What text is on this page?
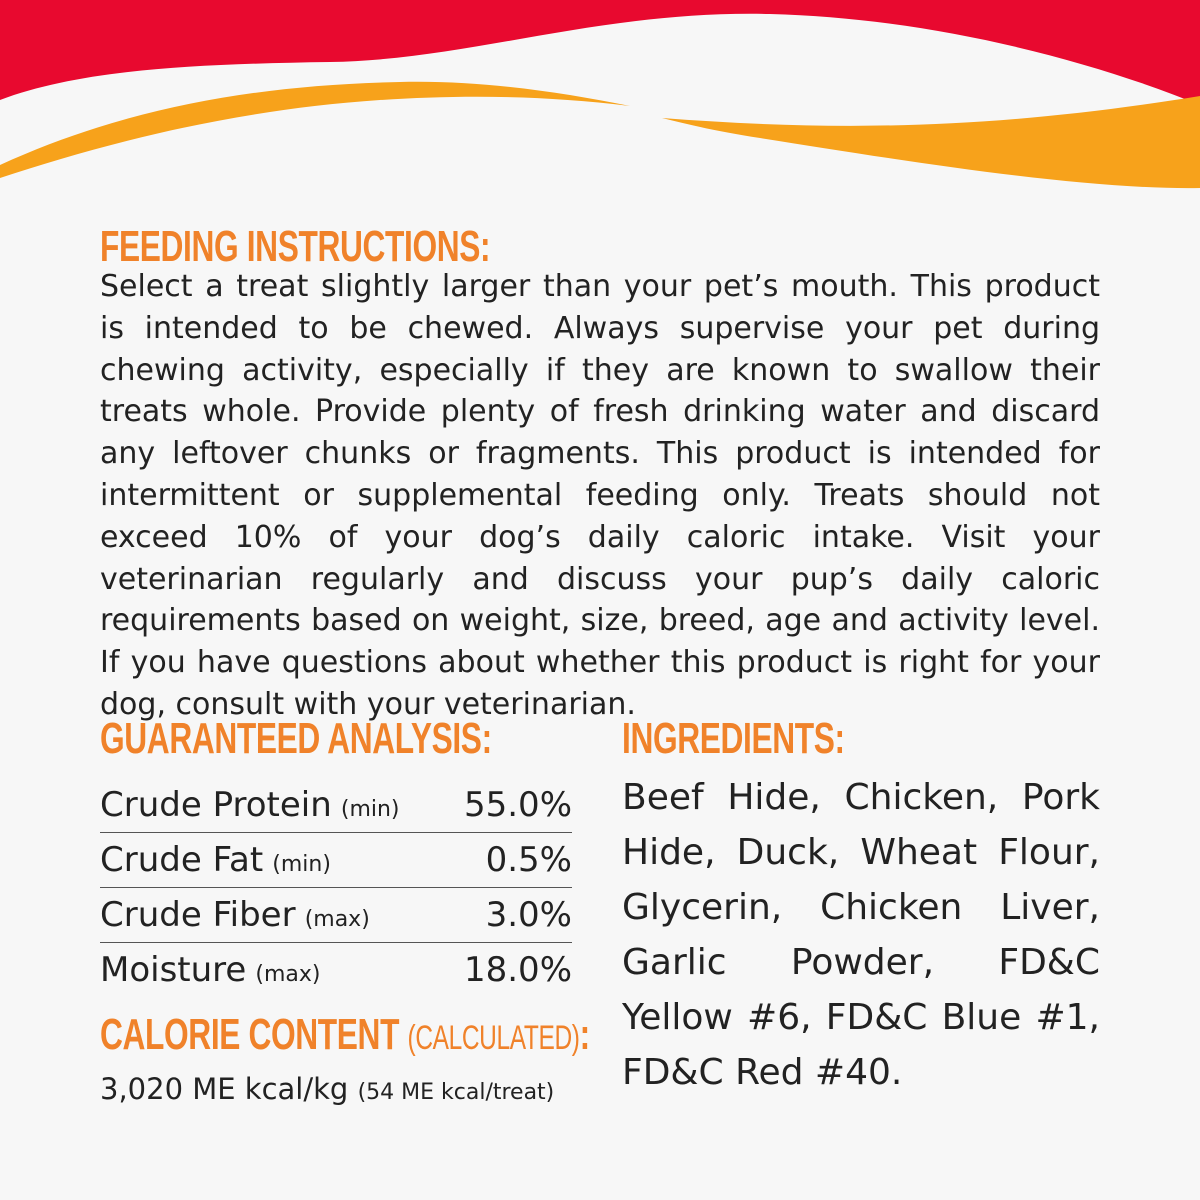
FEEDING INSTRUCTIONS:

Select a treat slightly larger than your pet’s mouth. This product is intended to be chewed. Always supervise your pet during chewing activity, especially if they are known to swallow their treats whole. Provide plenty of fresh drinking water and discard any leftover chunks or fragments. This product is intended for intermittent or supplemental feeding only. Treats should not exceed 10% of your dog’s daily caloric intake. Visit your veterinarian regularly and discuss your pup’s daily caloric requirements based on weight, size, breed, age and activity level. If you have questions about whether this product is right for your dog, consult with your veterinarian.

GUARANTEED ANALYSIS:
Crude Protein (min) 55.0%
Crude Fat (min)	0.5%
Crude Fiber (max)	3.0%
Moisture (max)	18.0%
CALORIE CONTENT (CALCULATED):
3,020 ME kcal/kg (54 ME kcal/treat)
INGREDIENTS:

Beef Hide, Chicken, Pork Hide, Duck, Wheat Flour, Glycerin, Chicken Liver, Garlic Powder, FD&C Yellow #6, FD&C Blue #1, FD&C Red #40.
